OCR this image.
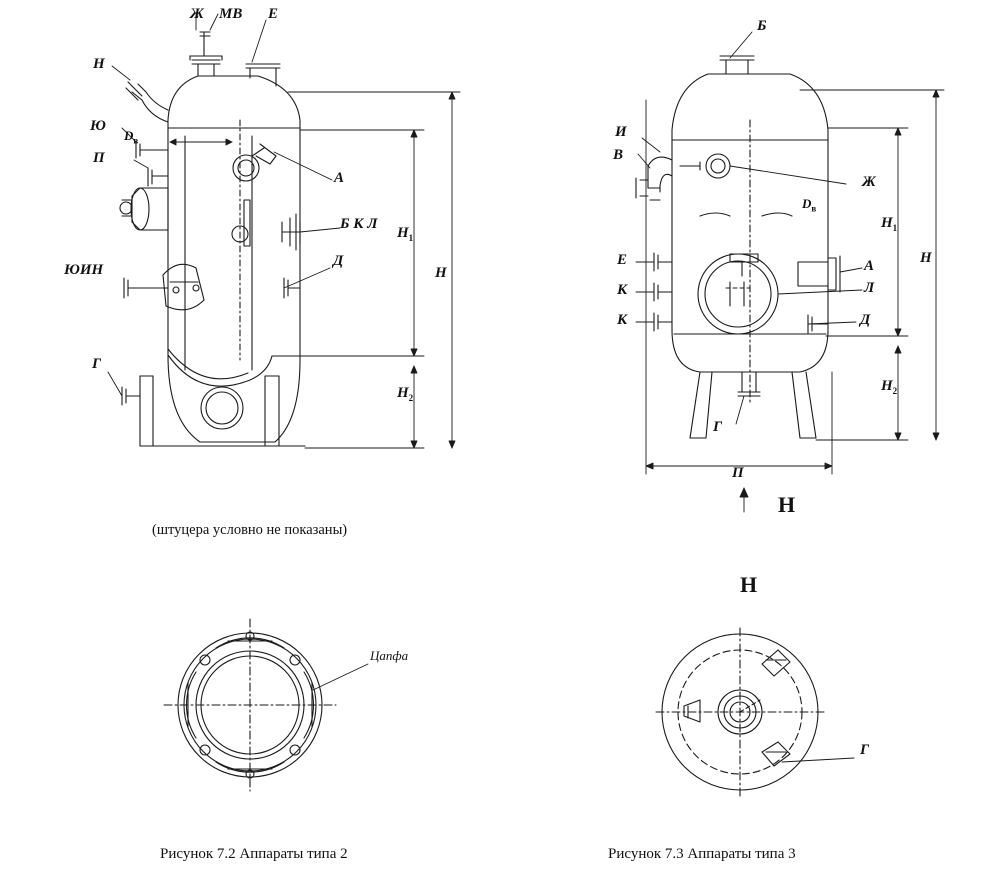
Ж МВ Е
Н
Ю
П
ЮИН
Г
А
Б К Л
Д
$D_в$
$H_1$
$H_2$
H
Б
И
В
Е
К
К
Г
Ж
А
Л
Д
$D_в$
$H_1$
$H_2$
H
П
Н
Н
Цапфа
Г
(штуцера условно не показаны)
Рисунок 7.2 Аппараты типа 2	Рисунок 7.3 Аппараты типа 3
